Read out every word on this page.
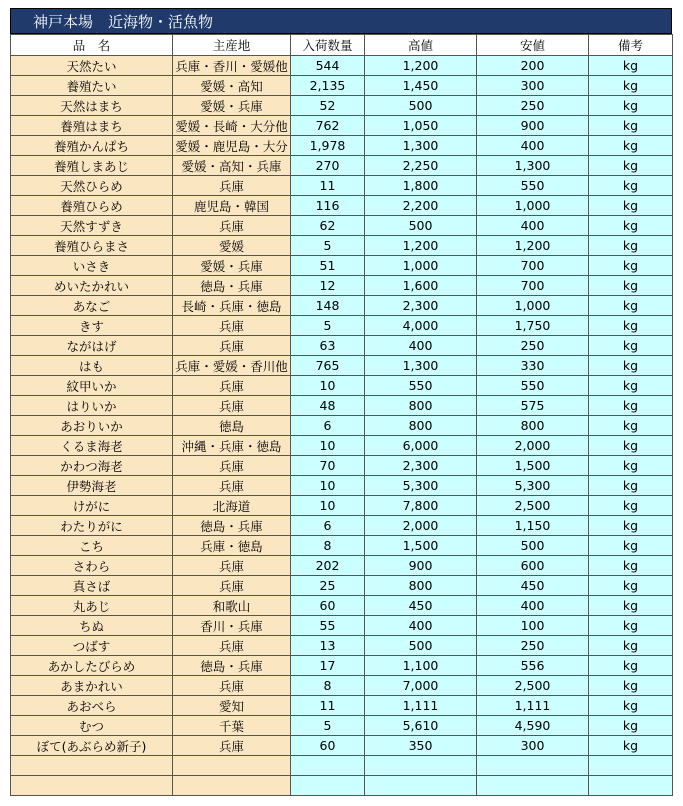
神戸本場　近海物・活魚物
品　名	主産地	入荷数量	高値	安値	備考
天然たい	兵庫・香川・愛媛他	544	1,200	200	kg
養殖たい	愛媛・高知	2,135	1,450	300	kg
天然はまち	愛媛・兵庫	52	500	250	kg
養殖はまち	愛媛・長崎・大分他	762	1,050	900	kg
養殖かんぱち	愛媛・鹿児島・大分	1,978	1,300	400	kg
養殖しまあじ	愛媛・高知・兵庫	270	2,250	1,300	kg
天然ひらめ	兵庫	11	1,800	550	kg
養殖ひらめ	鹿児島・韓国	116	2,200	1,000	kg
天然すずき	兵庫	62	500	400	kg
養殖ひらまさ	愛媛	5	1,200	1,200	kg
いさき	愛媛・兵庫	51	1,000	700	kg
めいたかれい	徳島・兵庫	12	1,600	700	kg
あなご	長崎・兵庫・徳島	148	2,300	1,000	kg
きす	兵庫	5	4,000	1,750	kg
ながはげ	兵庫	63	400	250	kg
はも	兵庫・愛媛・香川他	765	1,300	330	kg
紋甲いか	兵庫	10	550	550	kg
はりいか	兵庫	48	800	575	kg
あおりいか	徳島	6	800	800	kg
くるま海老	沖縄・兵庫・徳島	10	6,000	2,000	kg
かわつ海老	兵庫	70	2,300	1,500	kg
伊勢海老	兵庫	10	5,300	5,300	kg
けがに	北海道	10	7,800	2,500	kg
わたりがに	徳島・兵庫	6	2,000	1,150	kg
こち	兵庫・徳島	8	1,500	500	kg
さわら	兵庫	202	900	600	kg
真さば	兵庫	25	800	450	kg
丸あじ	和歌山	60	450	400	kg
ちぬ	香川・兵庫	55	400	100	kg
つばす	兵庫	13	500	250	kg
あかしたびらめ	徳島・兵庫	17	1,100	556	kg
あまかれい	兵庫	8	7,000	2,500	kg
あおべら	愛知	11	1,111	1,111	kg
むつ	千葉	5	5,610	4,590	kg
ぼて(あぶらめ新子)	兵庫	60	350	300	kg
